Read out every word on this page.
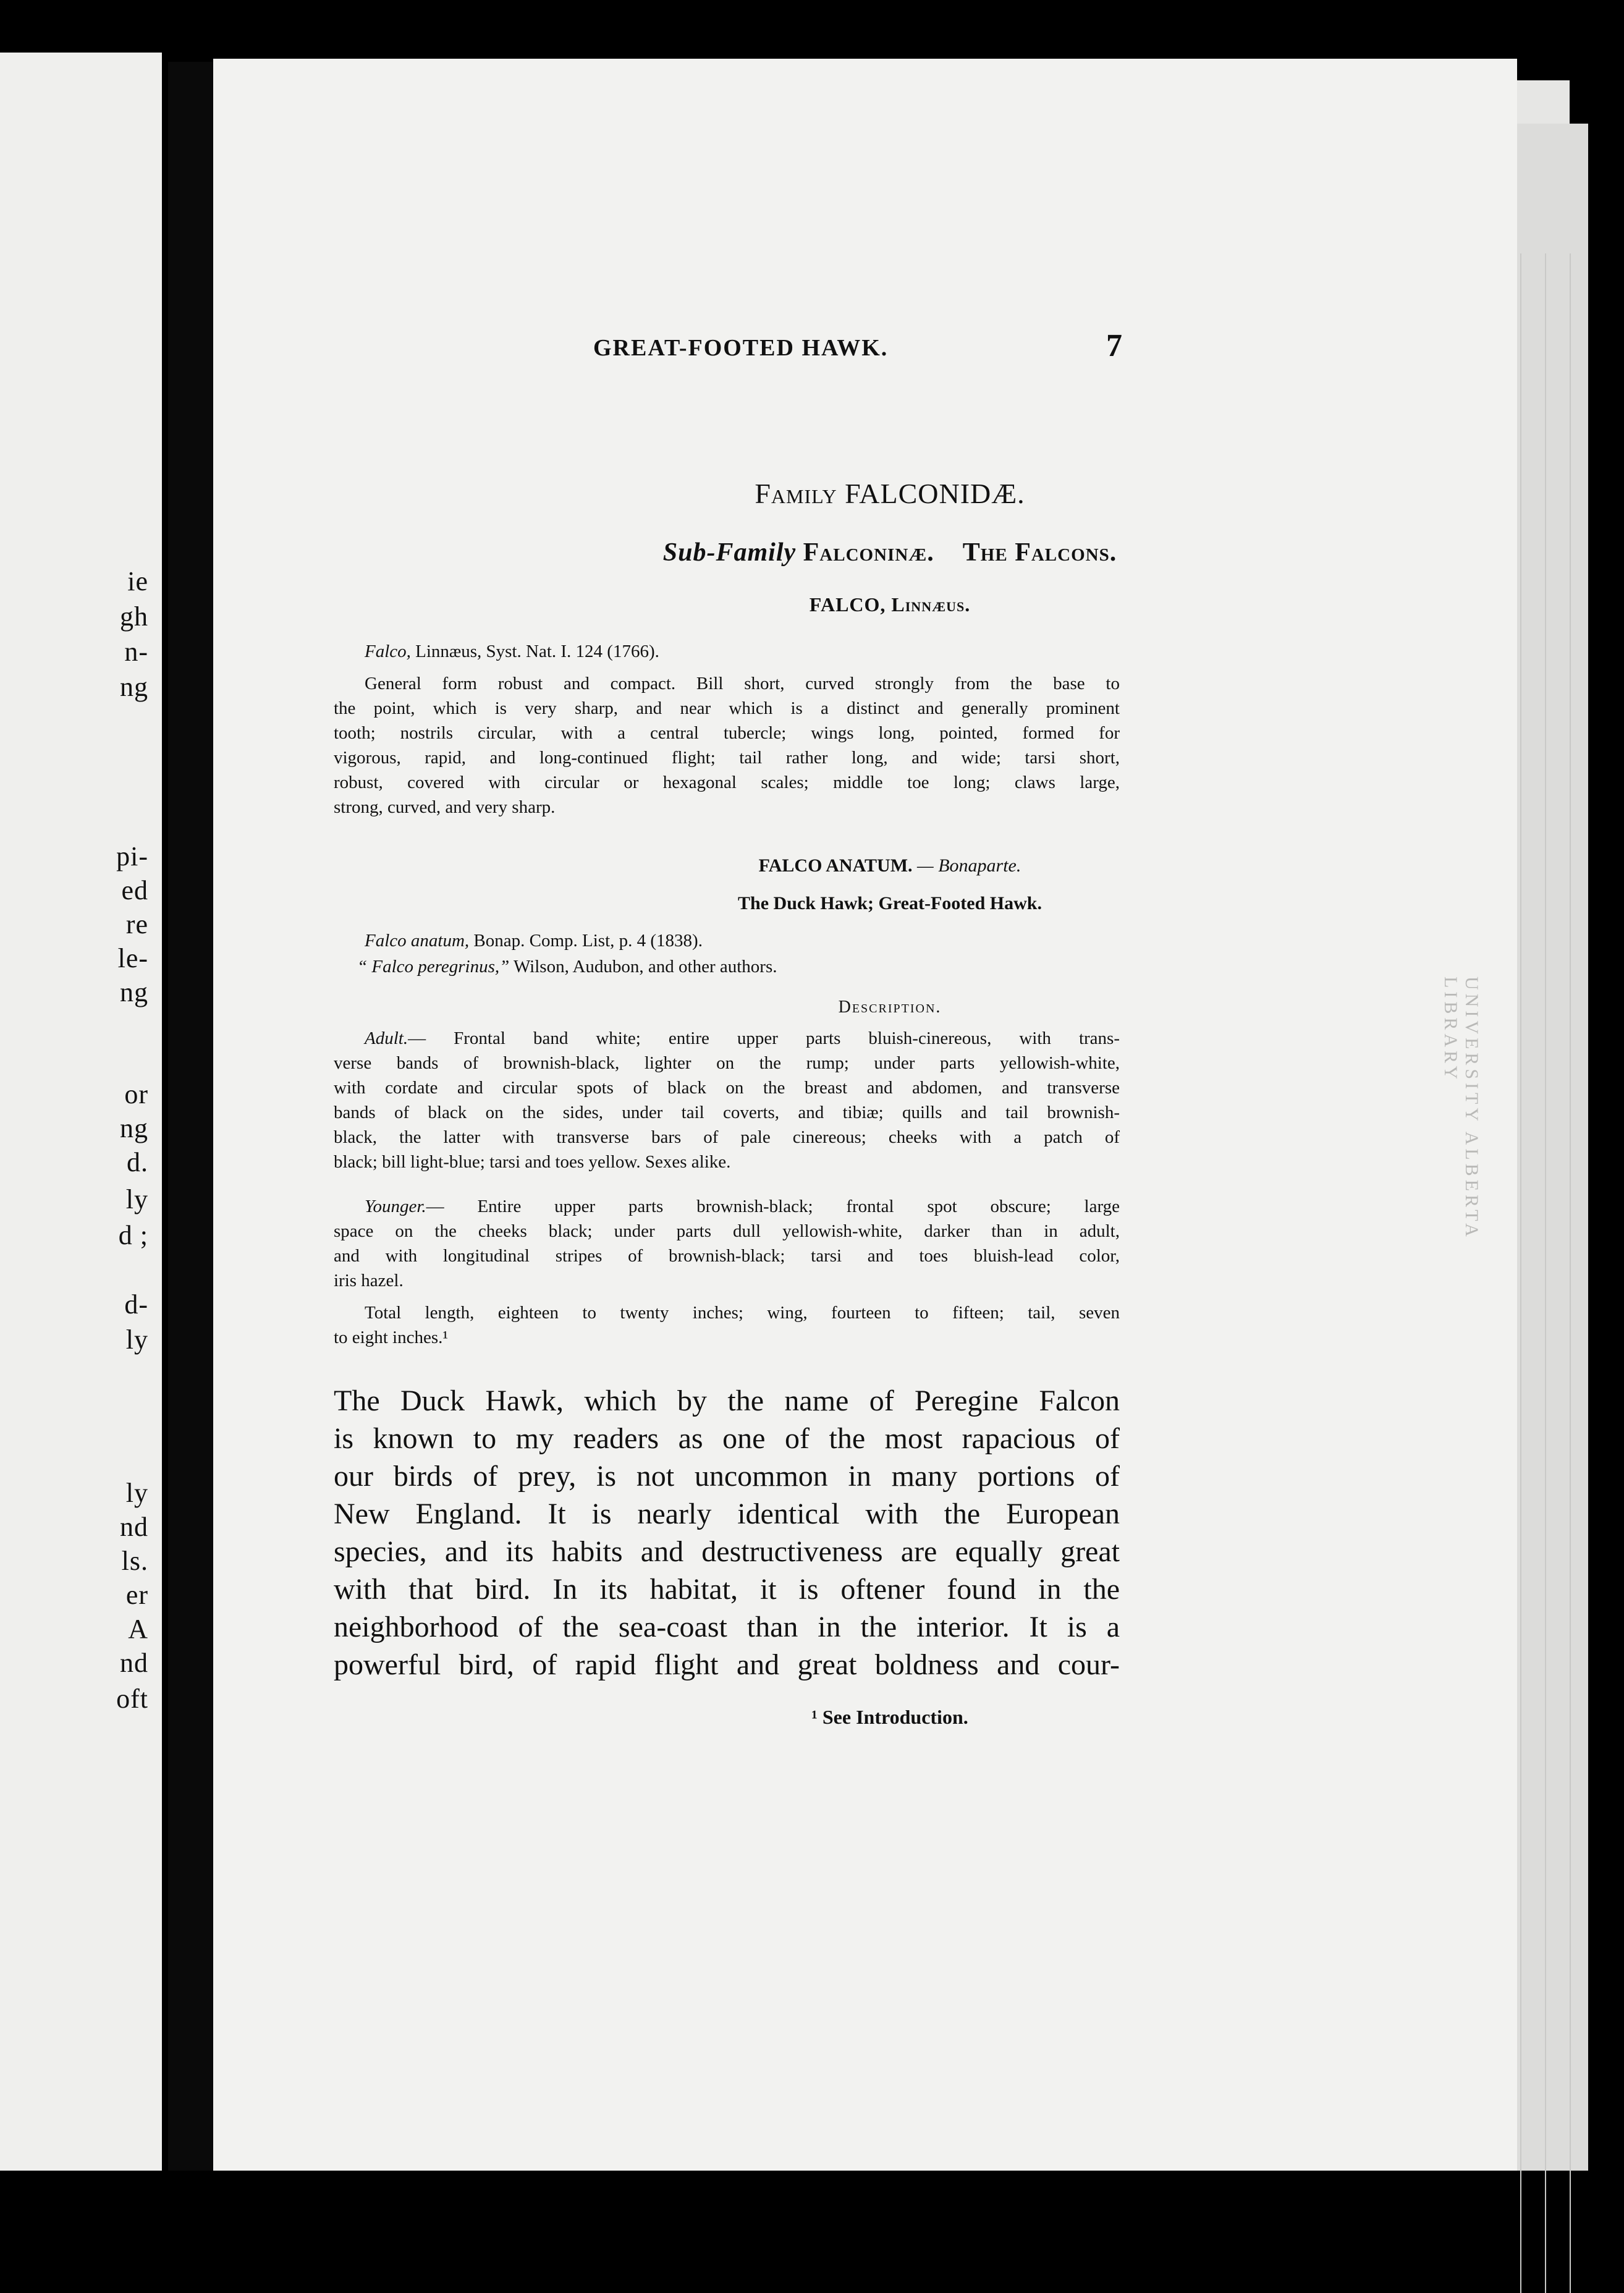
ie
gh
n-
ng
pi-
ed
re
le-
ng
or
ng
d.
ly
d ;
d-
ly
ly
nd
ls.
er
A
nd
oft
UNIVERSITY ALBERTA LIBRARY
GREAT-FOOTED HAWK.	7
Family FALCONIDÆ.
Sub-Family Falconinæ. The Falcons.
FALCO, Linnæus.
Falco, Linnæus, Syst. Nat. I. 124 (1766).
General form robust and compact. Bill short, curved strongly from the base to
the point, which is very sharp, and near which is a distinct and generally prominent
tooth; nostrils circular, with a central tubercle; wings long, pointed, formed for
vigorous, rapid, and long-continued flight; tail rather long, and wide; tarsi short,
robust, covered with circular or hexagonal scales; middle toe long; claws large,
strong, curved, and very sharp.
FALCO ANATUM. — Bonaparte.
The Duck Hawk; Great-Footed Hawk.
Falco anatum, Bonap. Comp. List, p. 4 (1838).
“ Falco peregrinus,” Wilson, Audubon, and other authors.
Description.
Adult.— Frontal band white; entire upper parts bluish-cinereous, with trans-
verse bands of brownish-black, lighter on the rump; under parts yellowish-white,
with cordate and circular spots of black on the breast and abdomen, and transverse
bands of black on the sides, under tail coverts, and tibiæ; quills and tail brownish-
black, the latter with transverse bars of pale cinereous; cheeks with a patch of
black; bill light-blue; tarsi and toes yellow. Sexes alike.
Younger.— Entire upper parts brownish-black; frontal spot obscure; large
space on the cheeks black; under parts dull yellowish-white, darker than in adult,
and with longitudinal stripes of brownish-black; tarsi and toes bluish-lead color,
iris hazel.
Total length, eighteen to twenty inches; wing, fourteen to fifteen; tail, seven
to eight inches.¹
The Duck Hawk, which by the name of Peregine Falcon
is known to my readers as one of the most rapacious of
our birds of prey, is not uncommon in many portions of
New England. It is nearly identical with the European
species, and its habits and destructiveness are equally great
with that bird. In its habitat, it is oftener found in the
neighborhood of the sea-coast than in the interior. It is a
powerful bird, of rapid flight and great boldness and cour-
¹ See Introduction.
